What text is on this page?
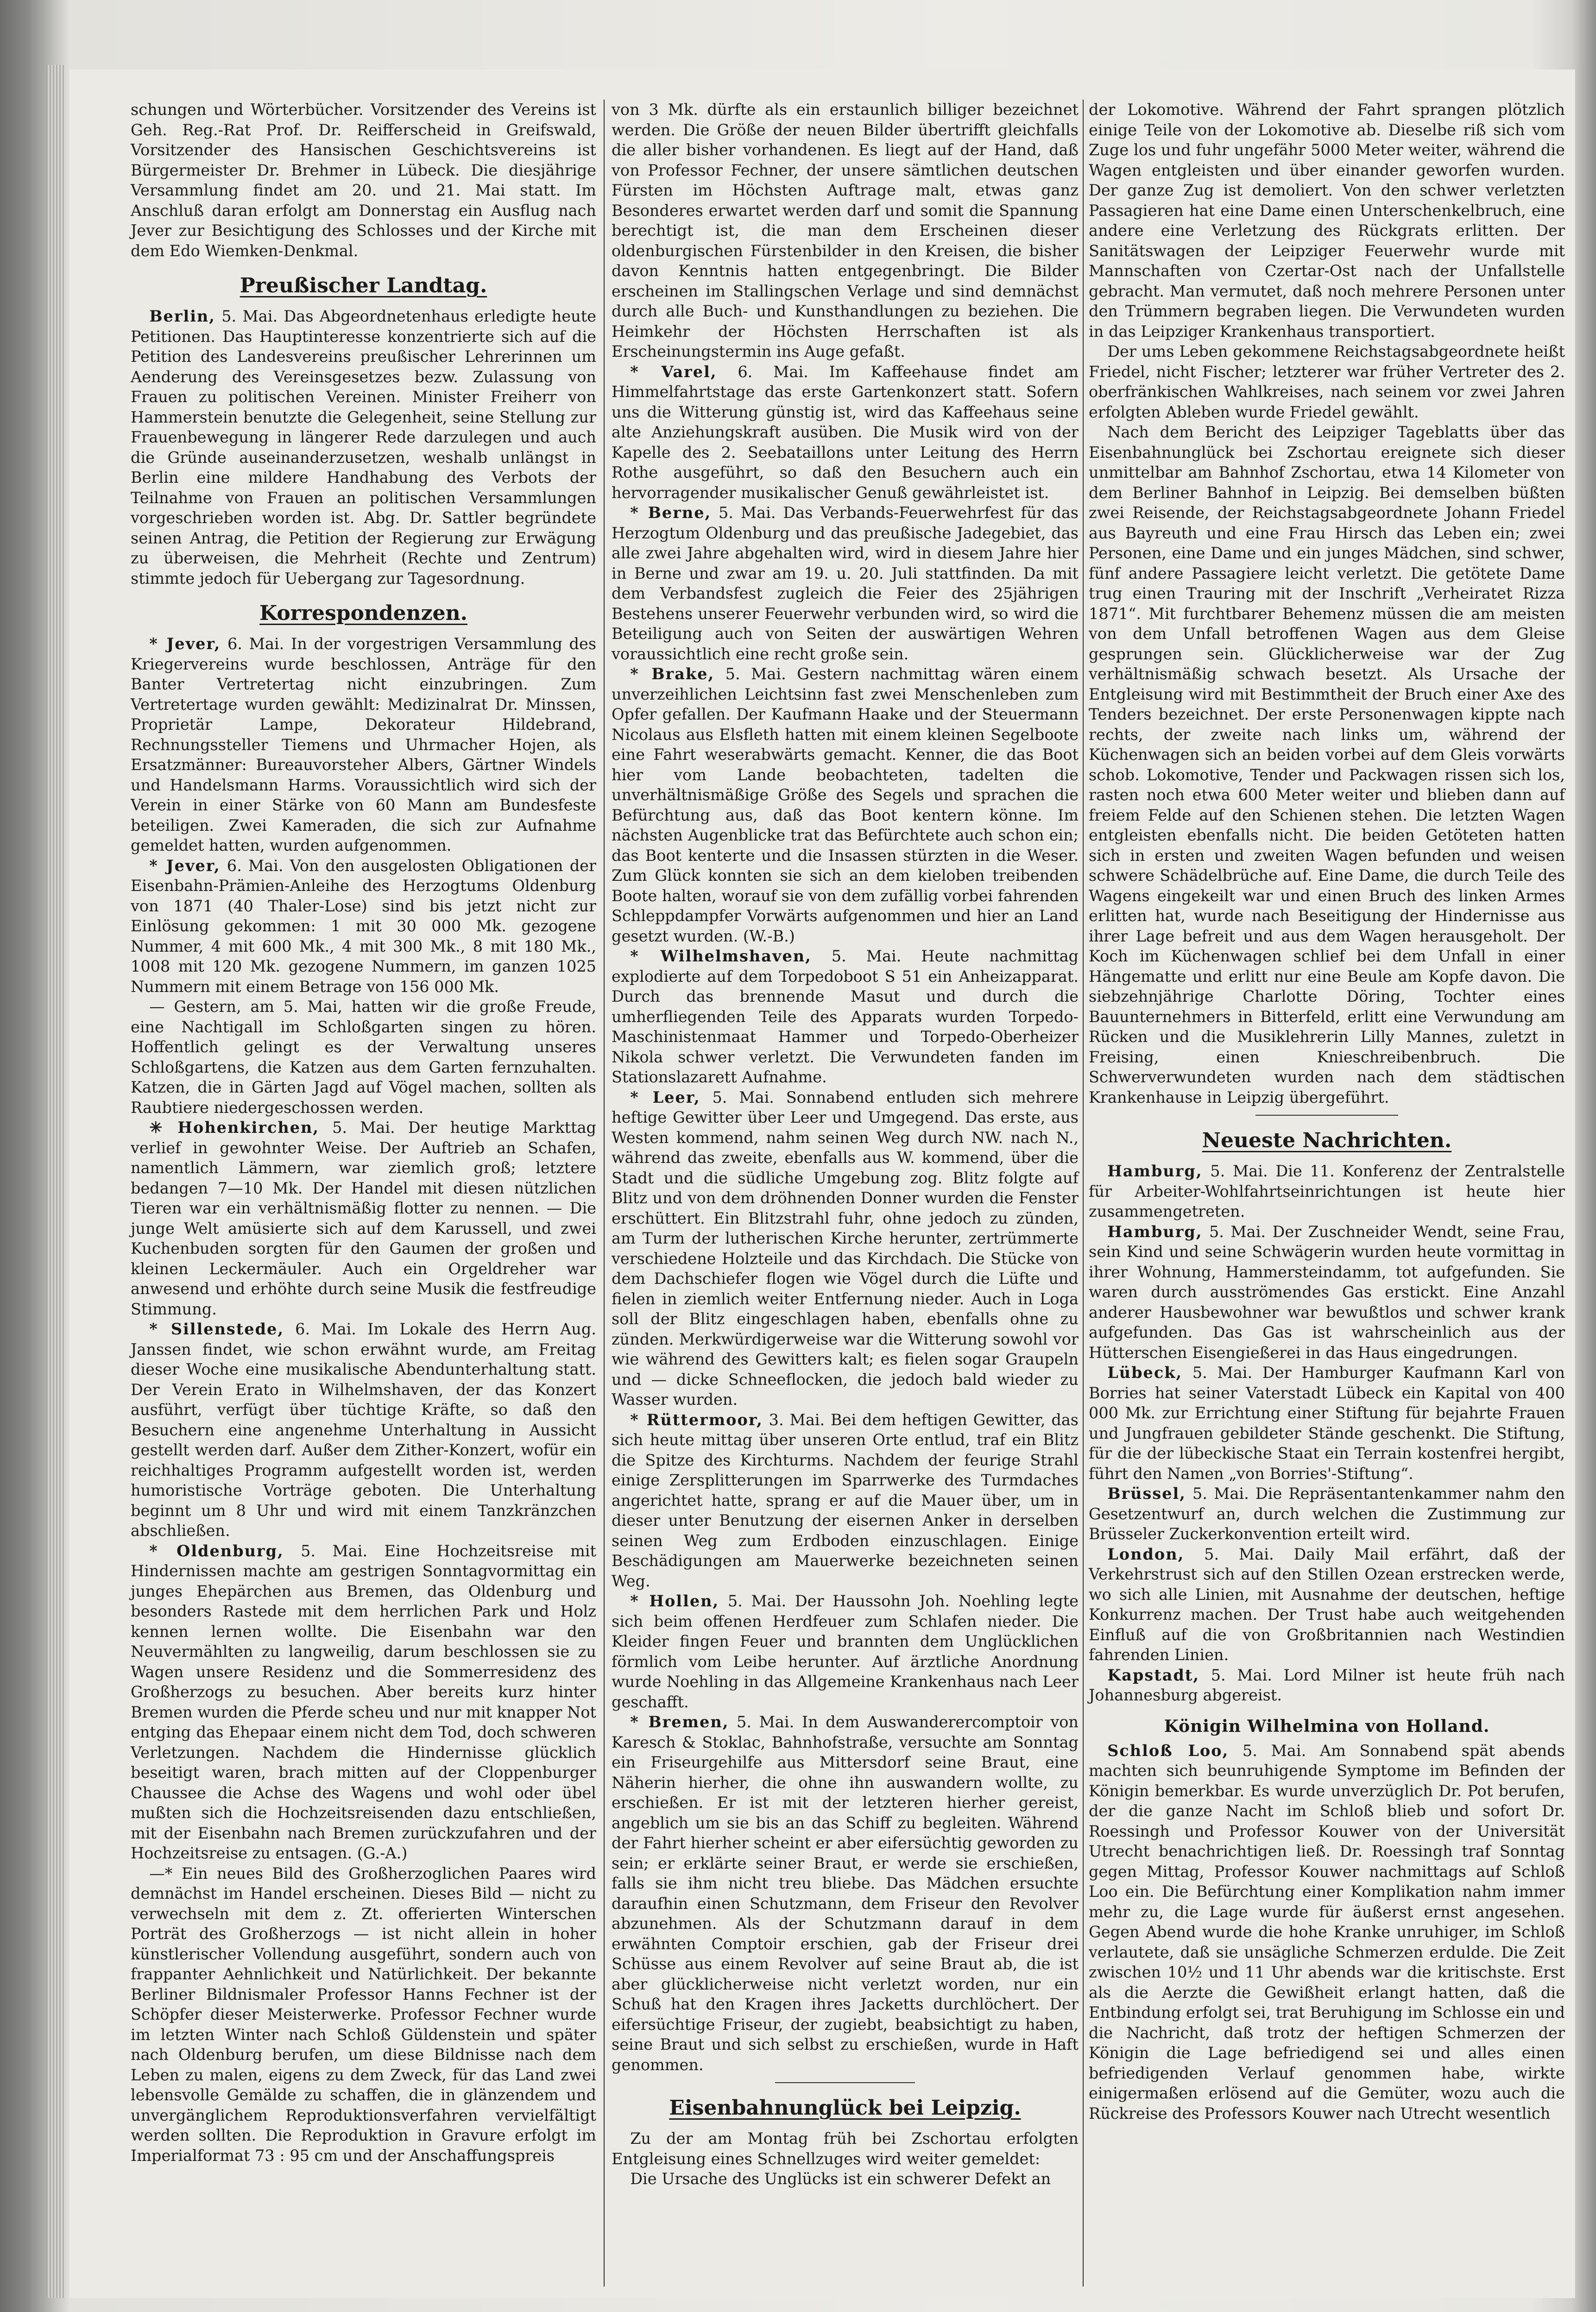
schungen und Wörterbücher. Vorsitzender des Vereins ist Geh. Reg.-Rat Prof. Dr. Reifferscheid in Greifswald, Vorsitzender des Hansischen Geschichtsvereins ist Bürgermeister Dr. Brehmer in Lübeck. Die diesjährige Versammlung findet am 20. und 21. Mai statt. Im Anschluß daran erfolgt am Donnerstag ein Ausflug nach Jever zur Besichtigung des Schlosses und der Kirche mit dem Edo Wiemken-Denkmal.

Preußischer Landtag.

Berlin, 5. Mai. Das Abgeordnetenhaus erledigte heute Petitionen. Das Hauptinteresse konzentrierte sich auf die Petition des Landesvereins preußischer Lehrerinnen um Aenderung des Vereinsgesetzes bezw. Zulassung von Frauen zu politischen Vereinen. Minister Freiherr von Hammerstein benutzte die Gelegenheit, seine Stellung zur Frauenbewegung in längerer Rede darzulegen und auch die Gründe auseinanderzusetzen, weshalb unlängst in Berlin eine mildere Handhabung des Verbots der Teilnahme von Frauen an politischen Versammlungen vorgeschrieben worden ist. Abg. Dr. Sattler begründete seinen Antrag, die Petition der Regierung zur Erwägung zu überweisen, die Mehrheit (Rechte und Zentrum) stimmte jedoch für Uebergang zur Tagesordnung.

Korrespondenzen.

* Jever, 6. Mai. In der vorgestrigen Versammlung des Kriegervereins wurde beschlossen, Anträge für den Banter Vertretertag nicht einzubringen. Zum Vertretertage wurden gewählt: Medizinalrat Dr. Minssen, Proprietär Lampe, Dekorateur Hildebrand, Rechnungssteller Tiemens und Uhrmacher Hojen, als Ersatzmänner: Bureauvorsteher Albers, Gärtner Windels und Handelsmann Harms. Voraussichtlich wird sich der Verein in einer Stärke von 60 Mann am Bundesfeste beteiligen. Zwei Kameraden, die sich zur Aufnahme gemeldet hatten, wurden aufgenommen.

* Jever, 6. Mai. Von den ausgelosten Obligationen der Eisenbahn-Prämien-Anleihe des Herzogtums Oldenburg von 1871 (40 Thaler-Lose) sind bis jetzt nicht zur Einlösung gekommen: 1 mit 30 000 Mk. gezogene Nummer, 4 mit 600 Mk., 4 mit 300 Mk., 8 mit 180 Mk., 1008 mit 120 Mk. gezogene Nummern, im ganzen 1025 Nummern mit einem Betrage von 156 000 Mk.

— Gestern, am 5. Mai, hatten wir die große Freude, eine Nachtigall im Schloßgarten singen zu hören. Hoffentlich gelingt es der Verwaltung unseres Schloßgartens, die Katzen aus dem Garten fernzuhalten. Katzen, die in Gärten Jagd auf Vögel machen, sollten als Raubtiere niedergeschossen werden.

✳ Hohenkirchen, 5. Mai. Der heutige Markttag verlief in gewohnter Weise. Der Auftrieb an Schafen, namentlich Lämmern, war ziemlich groß; letztere bedangen 7—10 Mk. Der Handel mit diesen nützlichen Tieren war ein verhältnismäßig flotter zu nennen. — Die junge Welt amüsierte sich auf dem Karussell, und zwei Kuchenbuden sorgten für den Gaumen der großen und kleinen Leckermäuler. Auch ein Orgeldreher war anwesend und erhöhte durch seine Musik die festfreudige Stimmung.

* Sillenstede, 6. Mai. Im Lokale des Herrn Aug. Janssen findet, wie schon erwähnt wurde, am Freitag dieser Woche eine musikalische Abendunterhaltung statt. Der Verein Erato in Wilhelmshaven, der das Konzert ausführt, verfügt über tüchtige Kräfte, so daß den Besuchern eine angenehme Unterhaltung in Aussicht gestellt werden darf. Außer dem Zither-Konzert, wofür ein reichhaltiges Programm aufgestellt worden ist, werden humoristische Vorträge geboten. Die Unterhaltung beginnt um 8 Uhr und wird mit einem Tanzkränzchen abschließen.

* Oldenburg, 5. Mai. Eine Hochzeitsreise mit Hindernissen machte am gestrigen Sonntagvormittag ein junges Ehepärchen aus Bremen, das Oldenburg und besonders Rastede mit dem herrlichen Park und Holz kennen lernen wollte. Die Eisenbahn war den Neuvermählten zu langweilig, darum beschlossen sie zu Wagen unsere Residenz und die Sommerresidenz des Großherzogs zu besuchen. Aber bereits kurz hinter Bremen wurden die Pferde scheu und nur mit knapper Not entging das Ehepaar einem nicht dem Tod, doch schweren Verletzungen. Nachdem die Hindernisse glücklich beseitigt waren, brach mitten auf der Cloppenburger Chaussee die Achse des Wagens und wohl oder übel mußten sich die Hochzeitsreisenden dazu entschließen, mit der Eisenbahn nach Bremen zurückzufahren und der Hochzeitsreise zu entsagen. (G.-A.)

—* Ein neues Bild des Großherzoglichen Paares wird demnächst im Handel erscheinen. Dieses Bild — nicht zu verwechseln mit dem z. Zt. offerierten Winterschen Porträt des Großherzogs — ist nicht allein in hoher künstlerischer Vollendung ausgeführt, sondern auch von frappanter Aehnlichkeit und Natürlichkeit. Der bekannte Berliner Bildnismaler Professor Hanns Fechner ist der Schöpfer dieser Meisterwerke. Professor Fechner wurde im letzten Winter nach Schloß Güldenstein und später nach Oldenburg berufen, um diese Bildnisse nach dem Leben zu malen, eigens zu dem Zweck, für das Land zwei lebensvolle Gemälde zu schaffen, die in glänzendem und unvergänglichem Reproduktionsverfahren vervielfältigt werden sollten. Die Reproduktion in Gravure erfolgt im Imperialformat 73 : 95 cm und der Anschaffungspreis

von 3 Mk. dürfte als ein erstaunlich billiger bezeichnet werden. Die Größe der neuen Bilder übertrifft gleichfalls die aller bisher vorhandenen. Es liegt auf der Hand, daß von Professor Fechner, der unsere sämtlichen deutschen Fürsten im Höchsten Auftrage malt, etwas ganz Besonderes erwartet werden darf und somit die Spannung berechtigt ist, die man dem Erscheinen dieser oldenburgischen Fürstenbilder in den Kreisen, die bisher davon Kenntnis hatten entgegenbringt. Die Bilder erscheinen im Stallingschen Verlage und sind demnächst durch alle Buch- und Kunsthandlungen zu beziehen. Die Heimkehr der Höchsten Herrschaften ist als Erscheinungstermin ins Auge gefaßt.

* Varel, 6. Mai. Im Kaffeehause findet am Himmelfahrtstage das erste Gartenkonzert statt. Sofern uns die Witterung günstig ist, wird das Kaffeehaus seine alte Anziehungskraft ausüben. Die Musik wird von der Kapelle des 2. Seebataillons unter Leitung des Herrn Rothe ausgeführt, so daß den Besuchern auch ein hervorragender musikalischer Genuß gewährleistet ist.

* Berne, 5. Mai. Das Verbands-Feuerwehrfest für das Herzogtum Oldenburg und das preußische Jadegebiet, das alle zwei Jahre abgehalten wird, wird in diesem Jahre hier in Berne und zwar am 19. u. 20. Juli stattfinden. Da mit dem Verbandsfest zugleich die Feier des 25jährigen Bestehens unserer Feuerwehr verbunden wird, so wird die Beteiligung auch von Seiten der auswärtigen Wehren voraussichtlich eine recht große sein.

* Brake, 5. Mai. Gestern nachmittag wären einem unverzeihlichen Leichtsinn fast zwei Menschenleben zum Opfer gefallen. Der Kaufmann Haake und der Steuermann Nicolaus aus Elsfleth hatten mit einem kleinen Segelboote eine Fahrt weserabwärts gemacht. Kenner, die das Boot hier vom Lande beobachteten, tadelten die unverhältnismäßige Größe des Segels und sprachen die Befürchtung aus, daß das Boot kentern könne. Im nächsten Augenblicke trat das Befürchtete auch schon ein; das Boot kenterte und die Insassen stürzten in die Weser. Zum Glück konnten sie sich an dem kieloben treibenden Boote halten, worauf sie von dem zufällig vorbei fahrenden Schleppdampfer Vorwärts aufgenommen und hier an Land gesetzt wurden. (W.-B.)

* Wilhelmshaven, 5. Mai. Heute nachmittag explodierte auf dem Torpedoboot S 51 ein Anheizapparat. Durch das brennende Masut und durch die umherfliegenden Teile des Apparats wurden Torpedo-Maschinistenmaat Hammer und Torpedo-Oberheizer Nikola schwer verletzt. Die Verwundeten fanden im Stationslazarett Aufnahme.

* Leer, 5. Mai. Sonnabend entluden sich mehrere heftige Gewitter über Leer und Umgegend. Das erste, aus Westen kommend, nahm seinen Weg durch NW. nach N., während das zweite, ebenfalls aus W. kommend, über die Stadt und die südliche Umgebung zog. Blitz folgte auf Blitz und von dem dröhnenden Donner wurden die Fenster erschüttert. Ein Blitzstrahl fuhr, ohne jedoch zu zünden, am Turm der lutherischen Kirche herunter, zertrümmerte verschiedene Holzteile und das Kirchdach. Die Stücke von dem Dachschiefer flogen wie Vögel durch die Lüfte und fielen in ziemlich weiter Entfernung nieder. Auch in Loga soll der Blitz eingeschlagen haben, ebenfalls ohne zu zünden. Merkwürdigerweise war die Witterung sowohl vor wie während des Gewitters kalt; es fielen sogar Graupeln und — dicke Schneeflocken, die jedoch bald wieder zu Wasser wurden.

* Rüttermoor, 3. Mai. Bei dem heftigen Gewitter, das sich heute mittag über unseren Orte entlud, traf ein Blitz die Spitze des Kirchturms. Nachdem der feurige Strahl einige Zersplitterungen im Sparrwerke des Turmdaches angerichtet hatte, sprang er auf die Mauer über, um in dieser unter Benutzung der eisernen Anker in derselben seinen Weg zum Erdboden einzuschlagen. Einige Beschädigungen am Mauerwerke bezeichneten seinen Weg.

* Hollen, 5. Mai. Der Haussohn Joh. Noehling legte sich beim offenen Herdfeuer zum Schlafen nieder. Die Kleider fingen Feuer und brannten dem Unglücklichen förmlich vom Leibe herunter. Auf ärztliche Anordnung wurde Noehling in das Allgemeine Krankenhaus nach Leer geschafft.

* Bremen, 5. Mai. In dem Auswanderercomptoir von Karesch & Stoklac, Bahnhofstraße, versuchte am Sonntag ein Friseurgehilfe aus Mittersdorf seine Braut, eine Näherin hierher, die ohne ihn auswandern wollte, zu erschießen. Er ist mit der letzteren hierher gereist, angeblich um sie bis an das Schiff zu begleiten. Während der Fahrt hierher scheint er aber eifersüchtig geworden zu sein; er erklärte seiner Braut, er werde sie erschießen, falls sie ihm nicht treu bliebe. Das Mädchen ersuchte daraufhin einen Schutzmann, dem Friseur den Revolver abzunehmen. Als der Schutzmann darauf in dem erwähnten Comptoir erschien, gab der Friseur drei Schüsse aus einem Revolver auf seine Braut ab, die ist aber glücklicherweise nicht verletzt worden, nur ein Schuß hat den Kragen ihres Jacketts durchlöchert. Der eifersüchtige Friseur, der zugiebt, beabsichtigt zu haben, seine Braut und sich selbst zu erschießen, wurde in Haft genommen.

Eisenbahnunglück bei Leipzig.

Zu der am Montag früh bei Zschortau erfolgten Entgleisung eines Schnellzuges wird weiter gemeldet:

Die Ursache des Unglücks ist ein schwerer Defekt an

der Lokomotive. Während der Fahrt sprangen plötzlich einige Teile von der Lokomotive ab. Dieselbe riß sich vom Zuge los und fuhr ungefähr 5000 Meter weiter, während die Wagen entgleisten und über einander geworfen wurden. Der ganze Zug ist demoliert. Von den schwer verletzten Passagieren hat eine Dame einen Unterschenkelbruch, eine andere eine Verletzung des Rückgrats erlitten. Der Sanitätswagen der Leipziger Feuerwehr wurde mit Mannschaften von Czertar-Ost nach der Unfallstelle gebracht. Man vermutet, daß noch mehrere Personen unter den Trümmern begraben liegen. Die Verwundeten wurden in das Leipziger Krankenhaus transportiert.

Der ums Leben gekommene Reichstagsabgeordnete heißt Friedel, nicht Fischer; letzterer war früher Vertreter des 2. oberfränkischen Wahlkreises, nach seinem vor zwei Jahren erfolgten Ableben wurde Friedel gewählt.

Nach dem Bericht des Leipziger Tageblatts über das Eisenbahnunglück bei Zschortau ereignete sich dieser unmittelbar am Bahnhof Zschortau, etwa 14 Kilometer von dem Berliner Bahnhof in Leipzig. Bei demselben büßten zwei Reisende, der Reichstagsabgeordnete Johann Friedel aus Bayreuth und eine Frau Hirsch das Leben ein; zwei Personen, eine Dame und ein junges Mädchen, sind schwer, fünf andere Passagiere leicht verletzt. Die getötete Dame trug einen Trauring mit der Inschrift „Verheiratet Rizza 1871“. Mit furchtbarer Behemenz müssen die am meisten von dem Unfall betroffenen Wagen aus dem Gleise gesprungen sein. Glücklicherweise war der Zug verhältnismäßig schwach besetzt. Als Ursache der Entgleisung wird mit Bestimmtheit der Bruch einer Axe des Tenders bezeichnet. Der erste Personenwagen kippte nach rechts, der zweite nach links um, während der Küchenwagen sich an beiden vorbei auf dem Gleis vorwärts schob. Lokomotive, Tender und Packwagen rissen sich los, rasten noch etwa 600 Meter weiter und blieben dann auf freiem Felde auf den Schienen stehen. Die letzten Wagen entgleisten ebenfalls nicht. Die beiden Getöteten hatten sich in ersten und zweiten Wagen befunden und weisen schwere Schädelbrüche auf. Eine Dame, die durch Teile des Wagens eingekeilt war und einen Bruch des linken Armes erlitten hat, wurde nach Beseitigung der Hindernisse aus ihrer Lage befreit und aus dem Wagen herausgeholt. Der Koch im Küchenwagen schlief bei dem Unfall in einer Hängematte und erlitt nur eine Beule am Kopfe davon. Die siebzehnjährige Charlotte Döring, Tochter eines Bauunternehmers in Bitterfeld, erlitt eine Verwundung am Rücken und die Musiklehrerin Lilly Mannes, zuletzt in Freising, einen Knieschreibenbruch. Die Schwerverwundeten wurden nach dem städtischen Krankenhause in Leipzig übergeführt.

Neueste Nachrichten.

Hamburg, 5. Mai. Die 11. Konferenz der Zentralstelle für Arbeiter-Wohlfahrtseinrichtungen ist heute hier zusammengetreten.

Hamburg, 5. Mai. Der Zuschneider Wendt, seine Frau, sein Kind und seine Schwägerin wurden heute vormittag in ihrer Wohnung, Hammersteindamm, tot aufgefunden. Sie waren durch ausströmendes Gas erstickt. Eine Anzahl anderer Hausbewohner war bewußtlos und schwer krank aufgefunden. Das Gas ist wahrscheinlich aus der Hütterschen Eisengießerei in das Haus eingedrungen.

Lübeck, 5. Mai. Der Hamburger Kaufmann Karl von Borries hat seiner Vaterstadt Lübeck ein Kapital von 400 000 Mk. zur Errichtung einer Stiftung für bejahrte Frauen und Jungfrauen gebildeter Stände geschenkt. Die Stiftung, für die der lübeckische Staat ein Terrain kostenfrei hergibt, führt den Namen „von Borries'-Stiftung“.

Brüssel, 5. Mai. Die Repräsentantenkammer nahm den Gesetzentwurf an, durch welchen die Zustimmung zur Brüsseler Zuckerkonvention erteilt wird.

London, 5. Mai. Daily Mail erfährt, daß der Verkehrstrust sich auf den Stillen Ozean erstrecken werde, wo sich alle Linien, mit Ausnahme der deutschen, heftige Konkurrenz machen. Der Trust habe auch weitgehenden Einfluß auf die von Großbritannien nach Westindien fahrenden Linien.

Kapstadt, 5. Mai. Lord Milner ist heute früh nach Johannesburg abgereist.

Königin Wilhelmina von Holland.

Schloß Loo, 5. Mai. Am Sonnabend spät abends machten sich beunruhigende Symptome im Befinden der Königin bemerkbar. Es wurde unverzüglich Dr. Pot berufen, der die ganze Nacht im Schloß blieb und sofort Dr. Roessingh und Professor Kouwer von der Universität Utrecht benachrichtigen ließ. Dr. Roessingh traf Sonntag gegen Mittag, Professor Kouwer nachmittags auf Schloß Loo ein. Die Befürchtung einer Komplikation nahm immer mehr zu, die Lage wurde für äußerst ernst angesehen. Gegen Abend wurde die hohe Kranke unruhiger, im Schloß verlautete, daß sie unsägliche Schmerzen erdulde. Die Zeit zwischen 10½ und 11 Uhr abends war die kritischste. Erst als die Aerzte die Gewißheit erlangt hatten, daß die Entbindung erfolgt sei, trat Beruhigung im Schlosse ein und die Nachricht, daß trotz der heftigen Schmerzen der Königin die Lage befriedigend sei und alles einen befriedigenden Verlauf genommen habe, wirkte einigermaßen erlösend auf die Gemüter, wozu auch die Rückreise des Professors Kouwer nach Utrecht wesentlich
